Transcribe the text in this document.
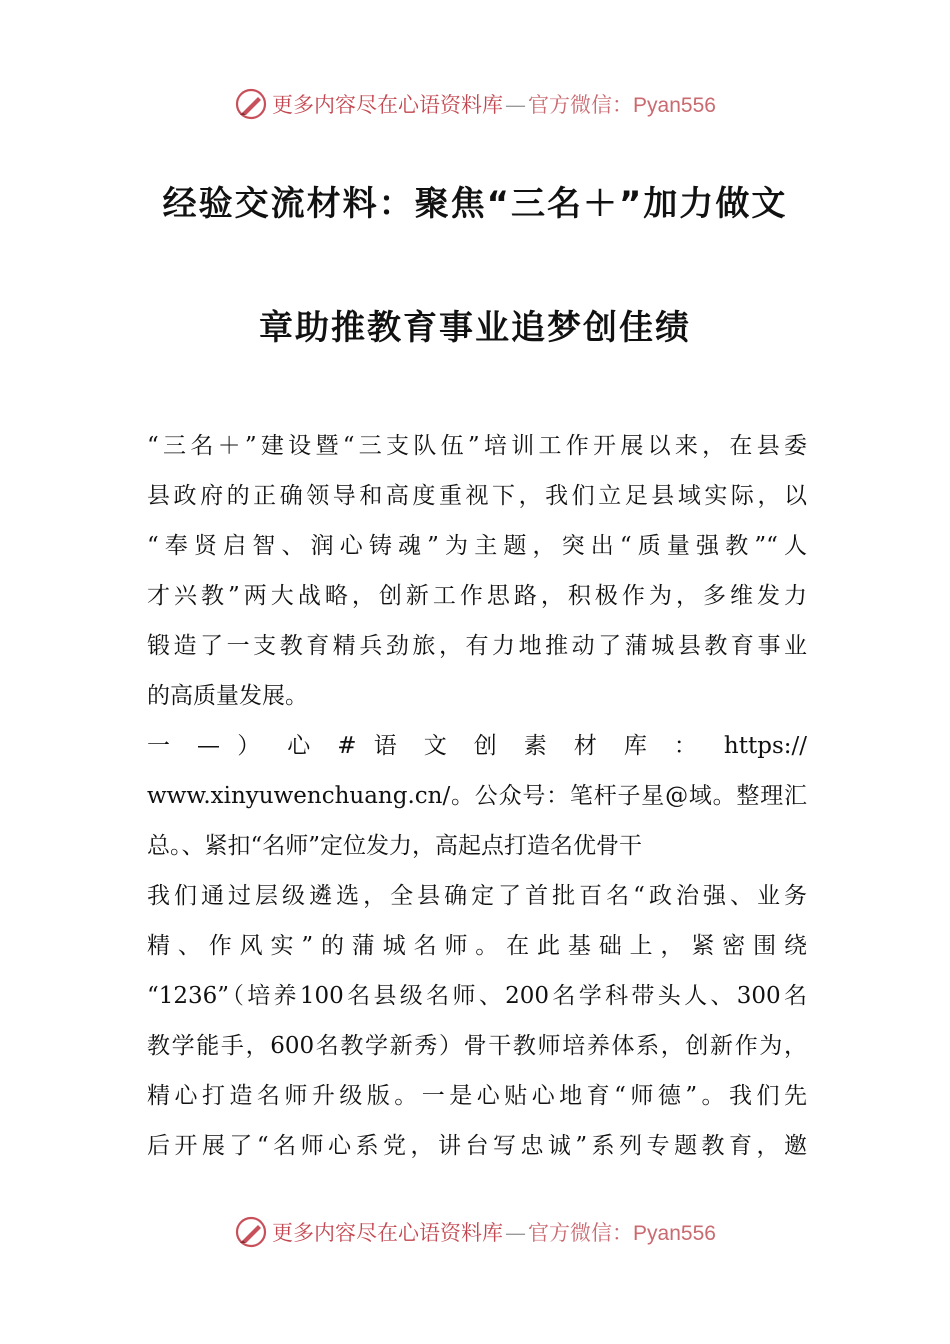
更多内容尽在心语资料库—官方微信：Pyan556
经验交流材料：聚焦“三名＋”加力做文
章助推教育事业追梦创佳绩
“三名＋”建设暨“三支队伍”培训工作开展以来，在县委
县政府的正确领导和高度重视下，我们立足县域实际，以
“奉贤启智、润心铸魂”为主题，突出“质量强教”“人
才兴教”两大战略，创新工作思路，积极作为，多维发力
锻造了一支教育精兵劲旅，有力地推动了蒲城县教育事业
的高质量发展。
一 — ） 心 # 语 文 创 素 材 库 ： https://
www.xinyuwenchuang.cn/。公众号：笔杆子星@域。整理汇
总。、紧扣“名师”定位发力，高起点打造名优骨干
我们通过层级遴选，全县确定了首批百名“政治强、业务
精、作风实”的蒲城名师。在此基础上，紧密围绕
“1236”（培养100名县级名师、200名学科带头人、300名
教学能手，600名教学新秀）骨干教师培养体系，创新作为，
精心打造名师升级版。一是心贴心地育“师德”。我们先
后开展了“名师心系党，讲台写忠诚”系列专题教育，邀
更多内容尽在心语资料库—官方微信：Pyan556
